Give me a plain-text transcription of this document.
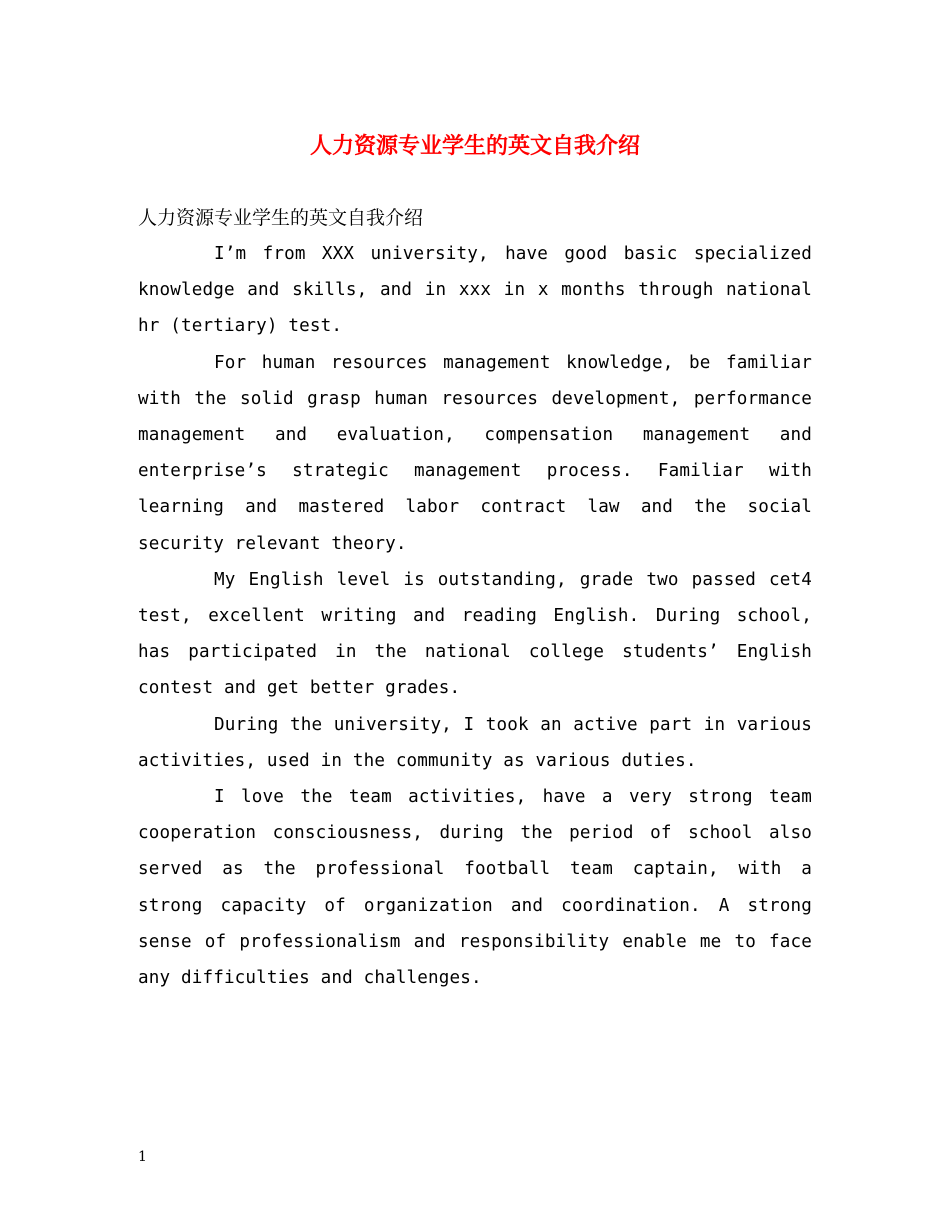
人力资源专业学生的英文自我介绍

人力资源专业学生的英文自我介绍

I’m from XXX university, have good basic specialized knowledge and skills, and in xxx in x months through national hr (tertiary) test.

For human resources management knowledge, be familiar with the solid grasp human resources development, performance management and evaluation, compensation management and enterprise’s strategic management process. Familiar with learning and mastered labor contract law and the social security relevant theory.

My English level is outstanding, grade two passed cet4 test, excellent writing and reading English. During school, has participated in the national college students’ English contest and get better grades.

During the university, I took an active part in various activities, used in the community as various duties.

I love the team activities, have a very strong team cooperation consciousness, during the period of school also served as the professional football team captain, with a strong capacity of organization and coordination. A strong sense of professionalism and responsibility enable me to face any difficulties and challenges.

1
